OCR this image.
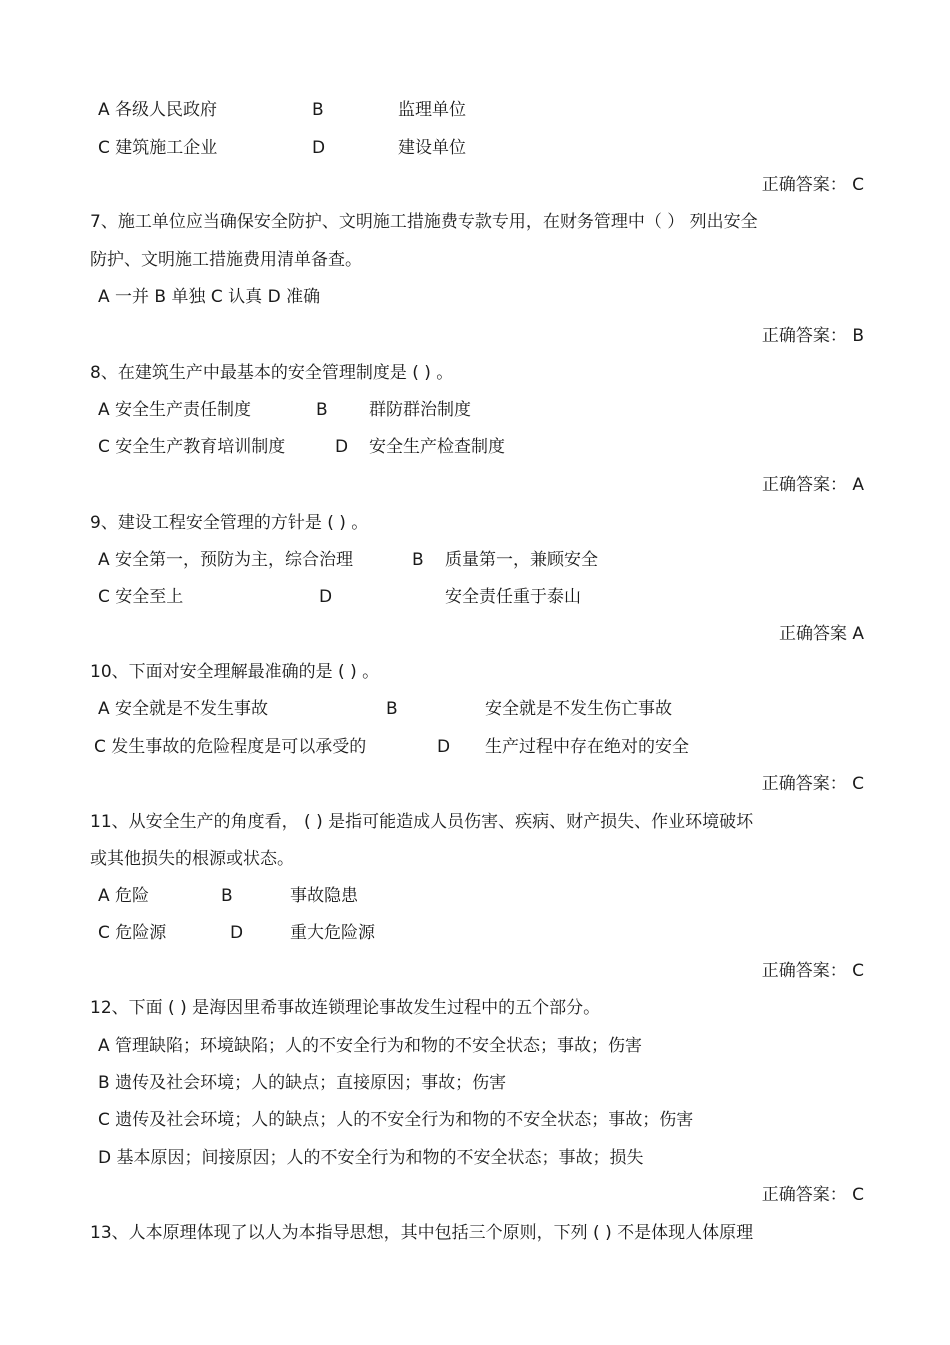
A 各级人民政府	B	监理单位
C 建筑施工企业	D	建设单位
正确答案： C
7、施工单位应当确保安全防护、文明施工措施费专款专用，在财务管理中（ ） 列出安全
防护、文明施工措施费用清单备查。
A 一并 B 单独 C 认真 D 准确
正确答案： B
8、在建筑生产中最基本的安全管理制度是 ( ) 。
A 安全生产责任制度	B 群防群治制度
C 安全生产教育培训制度	D 安全生产检查制度
正确答案： A
9、建设工程安全管理的方针是 ( ) 。
A 安全第一，预防为主，综合治理	B 质量第一，兼顾安全
C 安全至上	D	安全责任重于泰山
正确答案 A
10、下面对安全理解最准确的是 ( ) 。
A 安全就是不发生事故	B	安全就是不发生伤亡事故
C 发生事故的危险程度是可以承受的	D 生产过程中存在绝对的安全
正确答案： C
11、从安全生产的角度看， ( ) 是指可能造成人员伤害、疾病、财产损失、作业环境破坏
或其他损失的根源或状态。
A 危险	B	事故隐患
C 危险源	D	重大危险源
正确答案： C
12、下面 ( ) 是海因里希事故连锁理论事故发生过程中的五个部分。
A 管理缺陷；环境缺陷；人的不安全行为和物的不安全状态；事故；伤害
B 遗传及社会环境；人的缺点；直接原因；事故；伤害
C 遗传及社会环境；人的缺点；人的不安全行为和物的不安全状态；事故；伤害
D 基本原因；间接原因；人的不安全行为和物的不安全状态；事故；损失
正确答案： C
13、人本原理体现了以人为本指导思想，其中包括三个原则，下列 ( ) 不是体现人体原理
